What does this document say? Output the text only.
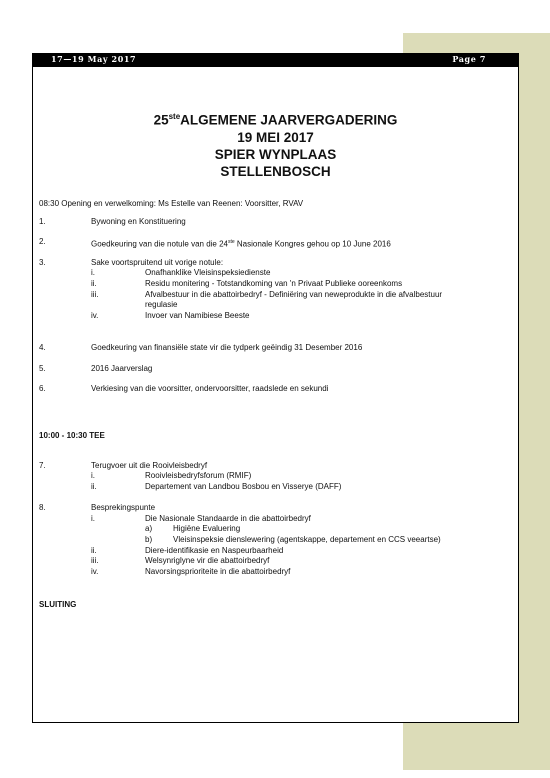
17—19 May 2017	Page 7
25steALGEMENE JAARVERGADERING
19 MEI 2017
SPIER WYNPLAAS
STELLENBOSCH
08:30 Opening en verwelkoming: Ms Estelle van Reenen: Voorsitter, RVAV
1.	Bywoning en Konstituering
2.	Goedkeuring van die notule van die 24ste Nasionale Kongres gehou op 10 June 2016
3.	Sake voortspruitend uit vorige notule:
i.	Onafhanklike Vleisinspeksiedienste
ii.	Residu monitering - Totstandkoming van 'n Privaat Publieke ooreenkoms
iii.	Afvalbestuur in die abattoirbedryf - Definiëring van neweprodukte in die afvalbestuur
regulasie
iv.	Invoer van Namibiese Beeste
4.	Goedkeuring van finansiële state vir die tydperk geëindig 31 Desember 2016
5.	2016 Jaarverslag
6.	Verkiesing van die voorsitter, ondervoorsitter, raadslede en sekundi
10:00 - 10:30 TEE
7.	Terugvoer uit die Rooivleisbedryf
i.	Rooivleisbedryfsforum (RMIF)
ii.	Departement van Landbou Bosbou en Visserye (DAFF)
8.	Besprekingspunte
i.	Die Nasionale Standaarde in die abattoirbedryf
a)	Higiëne Evaluering
b)	Vleisinspeksie dienslewering (agentskappe, departement en CCS veeartse)
ii.	Diere-identifikasie en Naspeurbaarheid
iii.	Welsynriglyne vir die abattoirbedryf
iv.	Navorsingsprioriteite in die abattoirbedryf
SLUITING
